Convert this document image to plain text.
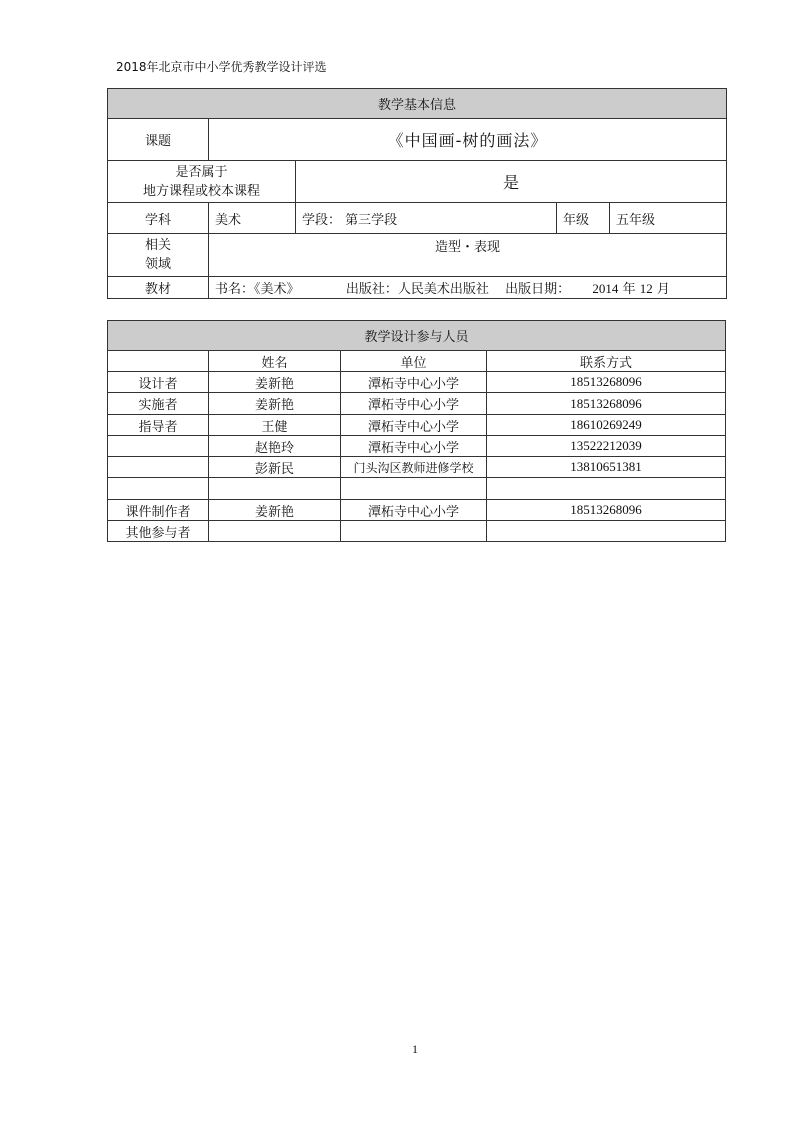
2018年北京市中小学优秀教学设计评选
教学基本信息				
课题	《中国画-树的画法》			

是否属于
地方课程或校本课程		是		
学科	美术	学段： 第三学段	年级	五年级

相关
领域	造型・表现			
教材	书名：《美术》 出版社：人民美术出版社 出版日期： 2014 年 12 月			
教学设计参与人员			
	姓名	单位	联系方式
设计者	姜新艳	潭柘寺中心小学	18513268096
实施者	姜新艳	潭柘寺中心小学	18513268096
指导者	王健	潭柘寺中心小学	18610269249
	赵艳玲	潭柘寺中心小学	13522212039
	彭新民	门头沟区教师进修学校	13810651381

课件制作者	姜新艳	潭柘寺中心小学	18513268096
其他参与者			
1
